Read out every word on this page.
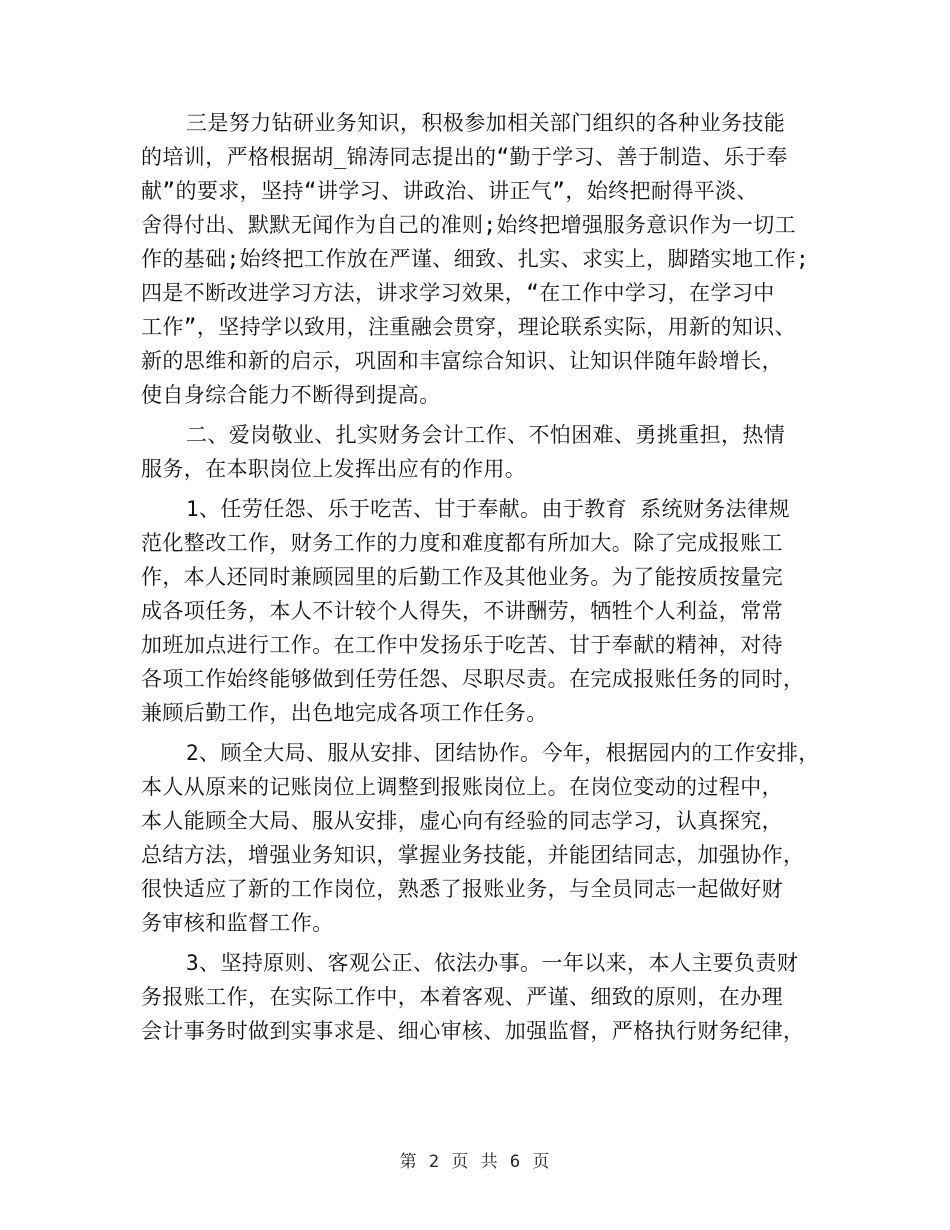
三是努力钻研业务知识，积极参加相关部门组织的各种业务技能
的培训，严格根据胡_锦涛同志提出的“勤于学习、善于制造、乐于奉
献”的要求，坚持“讲学习、讲政治、讲正气”，始终把耐得平淡、
舍得付出、默默无闻作为自己的准则;始终把增强服务意识作为一切工
作的基础;始终把工作放在严谨、细致、扎实、求实上，脚踏实地工作;
四是不断改进学习方法，讲求学习效果，“在工作中学习，在学习中
工作”，坚持学以致用，注重融会贯穿，理论联系实际，用新的知识、
新的思维和新的启示，巩固和丰富综合知识、让知识伴随年龄增长，
使自身综合能力不断得到提高。
二、爱岗敬业、扎实财务会计工作、不怕困难、勇挑重担，热情
服务，在本职岗位上发挥出应有的作用。
1、任劳任怨、乐于吃苦、甘于奉献。由于教育 系统财务法律规
范化整改工作，财务工作的力度和难度都有所加大。除了完成报账工
作，本人还同时兼顾园里的后勤工作及其他业务。为了能按质按量完
成各项任务，本人不计较个人得失，不讲酬劳，牺牲个人利益，常常
加班加点进行工作。在工作中发扬乐于吃苦、甘于奉献的精神，对待
各项工作始终能够做到任劳任怨、尽职尽责。在完成报账任务的同时，
兼顾后勤工作，出色地完成各项工作任务。
2、顾全大局、服从安排、团结协作。今年，根据园内的工作安排，
本人从原来的记账岗位上调整到报账岗位上。在岗位变动的过程中，
本人能顾全大局、服从安排，虚心向有经验的同志学习，认真探究，
总结方法，增强业务知识，掌握业务技能，并能团结同志，加强协作，
很快适应了新的工作岗位，熟悉了报账业务，与全员同志一起做好财
务审核和监督工作。
3、坚持原则、客观公正、依法办事。一年以来，本人主要负责财
务报账工作，在实际工作中，本着客观、严谨、细致的原则，在办理
会计事务时做到实事求是、细心审核、加强监督，严格执行财务纪律，
第 2 页 共 6 页
